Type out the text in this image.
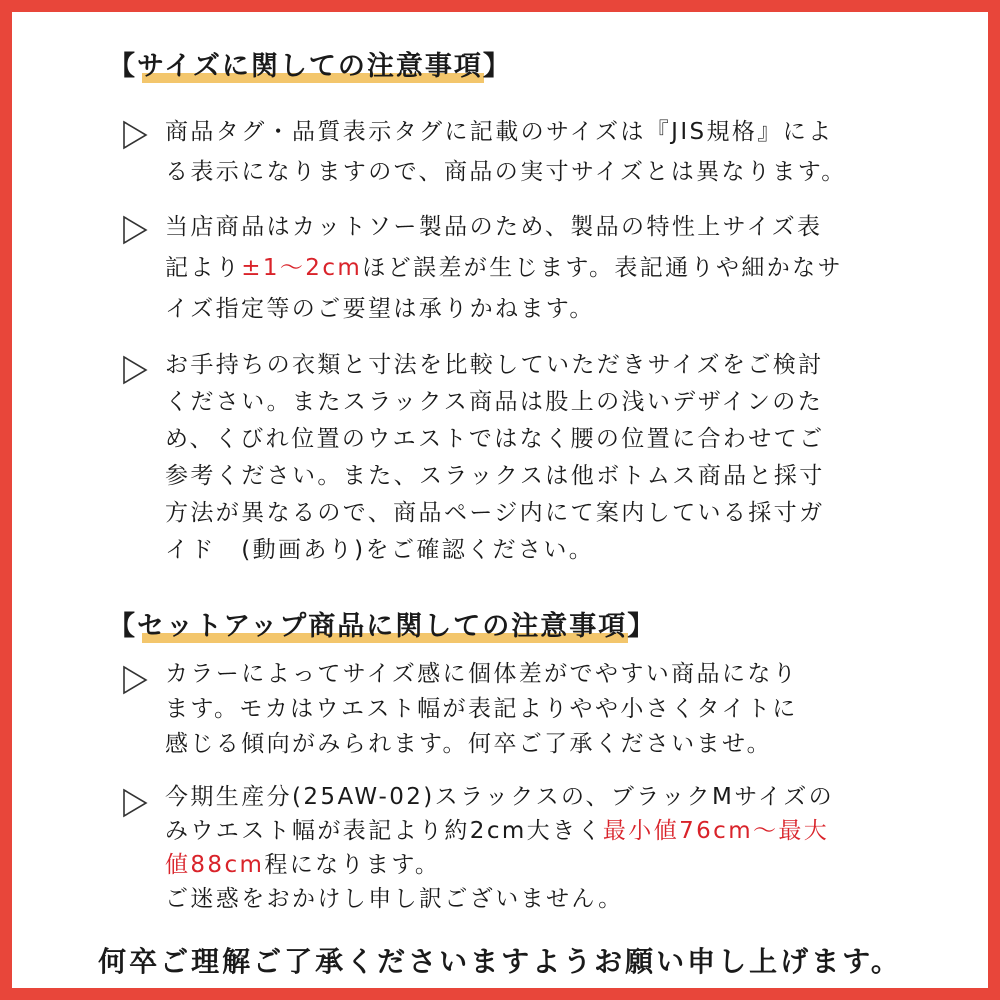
【サイズに関しての注意事項】
商品タグ・品質表示タグに記載のサイズは『JIS規格』によ
る表示になりますので、商品の実寸サイズとは異なります。
当店商品はカットソー製品のため、製品の特性上サイズ表
記より±1〜2cmほど誤差が生じます。表記通りや細かなサ
イズ指定等のご要望は承りかねます。
お手持ちの衣類と寸法を比較していただきサイズをご検討
ください。またスラックス商品は股上の浅いデザインのた
め、くびれ位置のウエストではなく腰の位置に合わせてご
参考ください。また、スラックスは他ボトムス商品と採寸
方法が異なるので、商品ページ内にて案内している採寸ガ
イド　(動画あり)をご確認ください。
【セットアップ商品に関しての注意事項】
カラーによってサイズ感に個体差がでやすい商品になり
ます。モカはウエスト幅が表記よりやや小さくタイトに
感じる傾向がみられます。何卒ご了承くださいませ。
今期生産分(25AW-02)スラックスの、ブラックMサイズの
みウエスト幅が表記より約2cm大きく最小値76cm〜最大
値88cm程になります。
ご迷惑をおかけし申し訳ございません。
何卒ご理解ご了承くださいますようお願い申し上げます。
